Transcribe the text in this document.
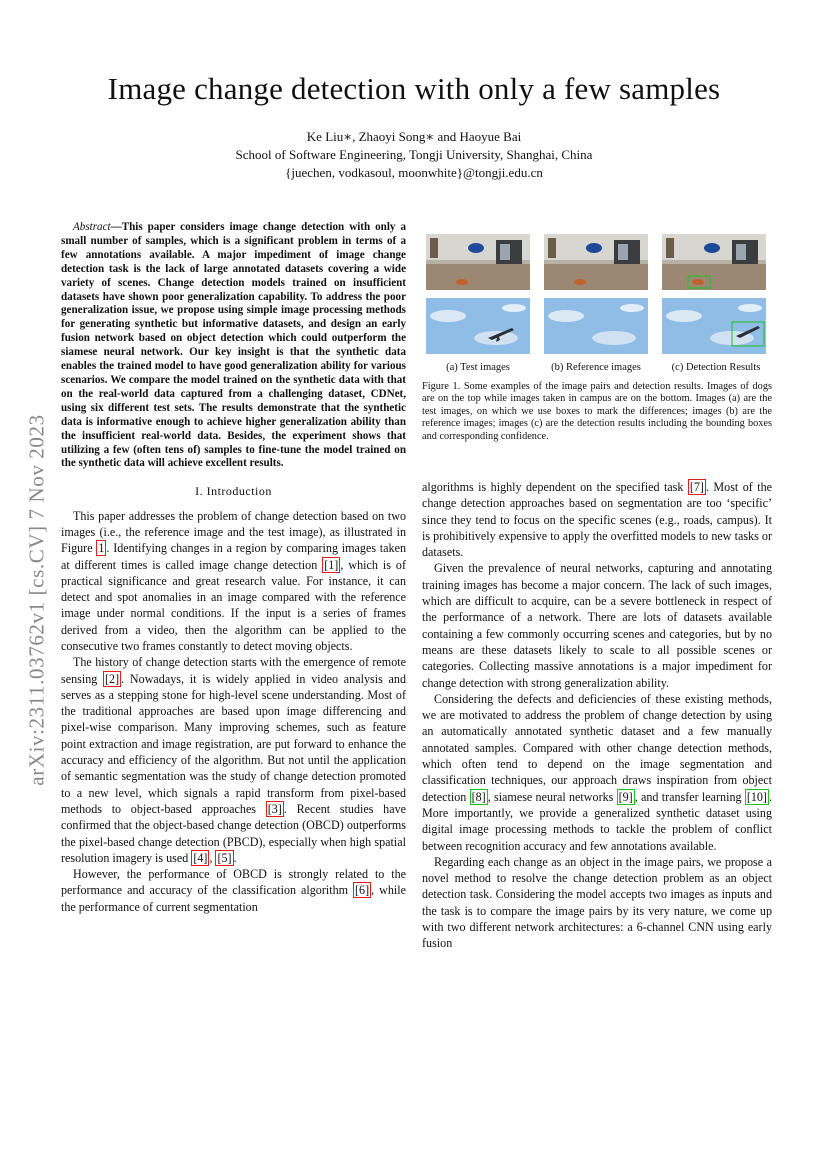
Image change detection with only a few samples
Ke Liu∗, Zhaoyi Song∗ and Haoyue Bai
School of Software Engineering, Tongji University, Shanghai, China
{juechen, vodkasoul, moonwhite}@tongji.edu.cn
arXiv:2311.03762v1 [cs.CV] 7 Nov 2023
Abstract—This paper considers image change detection with only a small number of samples, which is a significant problem in terms of a few annotations available. A major impediment of image change detection task is the lack of large annotated datasets covering a wide variety of scenes. Change detection models trained on insufficient datasets have shown poor generalization capability. To address the poor generalization issue, we propose using simple image processing methods for generating synthetic but informative datasets, and design an early fusion network based on object detection which could outperform the siamese neural network. Our key insight is that the synthetic data enables the trained model to have good generalization ability for various scenarios. We compare the model trained on the synthetic data with that on the real-world data captured from a challenging dataset, CDNet, using six different test sets. The results demonstrate that the synthetic data is informative enough to achieve higher generalization ability than the insufficient real-world data. Besides, the experiment shows that utilizing a few (often tens of) samples to fine-tune the model trained on the synthetic data will achieve excellent results.
I. Introduction

This paper addresses the problem of change detection based on two images (i.e., the reference image and the test image), as illustrated in Figure 1 . Identifying changes in a region by comparing images taken at different times is called image change detection [1] , which is of practical significance and great research value. For instance, it can detect and spot anomalies in an image compared with the reference image under normal conditions. If the input is a series of frames derived from a video, then the algorithm can be applied to the consecutive two frames constantly to detect moving objects.

The history of change detection starts with the emergence of remote sensing [2] . Nowadays, it is widely applied in video analysis and serves as a stepping stone for high-level scene understanding. Most of the traditional approaches are based upon image differencing and pixel-wise comparison. Many improving schemes, such as feature point extraction and image registration, are put forward to enhance the accuracy and efficiency of the algorithm. But not until the application of semantic segmentation was the study of change detection promoted to a new level, which signals a rapid transform from pixel-based methods to object-based approaches [3] . Recent studies have confirmed that the object-based change detection (OBCD) outperforms the pixel-based change detection (PBCD), especially when high spatial resolution imagery is used [4] , [5] .

However, the performance of OBCD is strongly related to the performance and accuracy of the classification algorithm [6] , while the performance of current segmentation

(a) Test images	(b) Reference images	(c) Detection Results
Figure 1. Some examples of the image pairs and detection results. Images of dogs are on the top while images taken in campus are on the bottom. Images (a) are the test images, on which we use boxes to mark the differences; images (b) are the reference images; images (c) are the detection results including the bounding boxes and corresponding confidence.

algorithms is highly dependent on the specified task [7] . Most of the change detection approaches based on segmentation are too ‘specific’ since they tend to focus on the specific scenes (e.g., roads, campus). It is prohibitively expensive to apply the overfitted models to new tasks or datasets.

Given the prevalence of neural networks, capturing and annotating training images has become a major concern. The lack of such images, which are difficult to acquire, can be a severe bottleneck in respect of the performance of a network. There are lots of datasets available containing a few commonly occurring scenes and categories, but by no means are these datasets likely to scale to all possible scenes or categories. Collecting massive annotations is a major impediment for change detection with strong generalization ability.

Considering the defects and deficiencies of these existing methods, we are motivated to address the problem of change detection by using an automatically annotated synthetic dataset and a few manually annotated samples. Compared with other change detection methods, which often tend to depend on the image segmentation and classification techniques, our approach draws inspiration from object detection [8] , siamese neural networks [9] , and transfer learning [10] . More importantly, we provide a generalized synthetic dataset using digital image processing methods to tackle the problem of conflict between recognition accuracy and few annotations available.

Regarding each change as an object in the image pairs, we propose a novel method to resolve the change detection problem as an object detection task. Considering the model accepts two images as inputs and the task is to compare the image pairs by its very nature, we come up with two different network architectures: a 6-channel CNN using early fusion
